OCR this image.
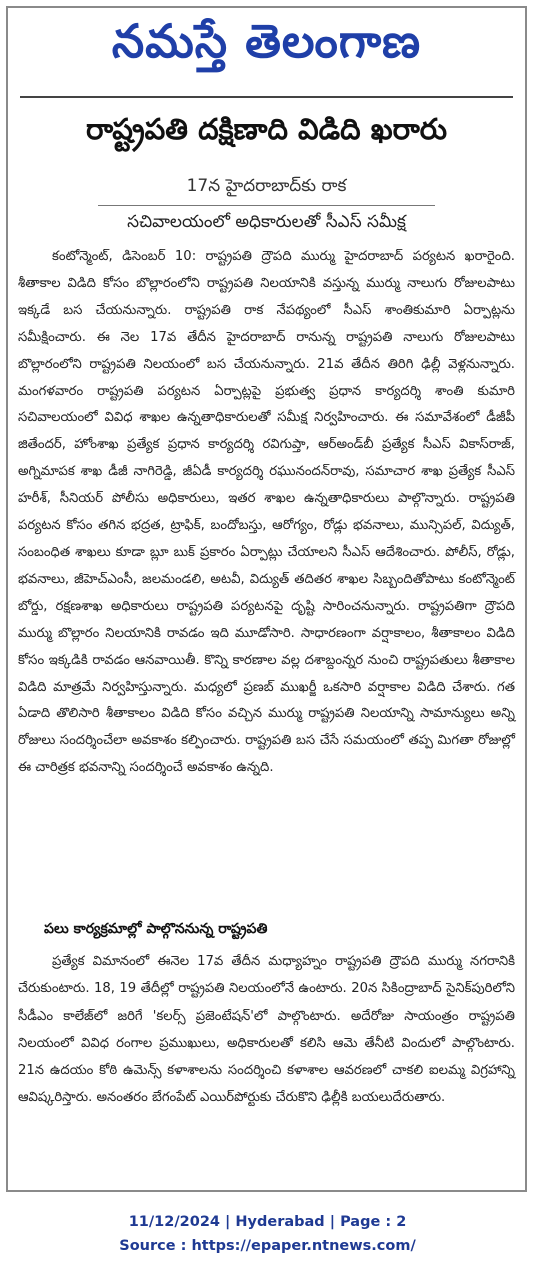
నమస్తే తెలంగాణ
రాష్ట్రపతి దక్షిణాది విడిది ఖరారు
17న హైదరాబాద్‌కు రాక
సచివాలయంలో అధికారులతో సీఎస్ సమీక్ష
కంటోన్మెంట్, డిసెంబర్ 10: రాష్ట్రపతి ద్రౌపది ముర్ము హైదరాబాద్ పర్యటన ఖరారైంది. శీతాకాల విడిది కోసం బొల్లారంలోని రాష్ట్రపతి నిలయానికి వస్తున్న ముర్ము నాలుగు రోజులపాటు ఇక్కడే బస చేయనున్నారు. రాష్ట్రపతి రాక నేపథ్యంలో సీఎస్ శాంతికుమారి ఏర్పాట్లను సమీక్షించారు. ఈ నెల 17వ తేదీన హైదరాబాద్ రానున్న రాష్ట్రపతి నాలుగు రోజులపాటు బొల్లారంలోని రాష్ట్రపతి నిలయంలో బస చేయనున్నారు. 21వ తేదీన తిరిగి ఢిల్లీ వెళ్లనున్నారు. మంగళవారం రాష్ట్రపతి పర్యటన ఏర్పాట్లపై ప్రభుత్వ ప్రధాన కార్యదర్శి శాంతి కుమారి సచివాలయంలో వివిధ శాఖల ఉన్నతాధికారులతో సమీక్ష నిర్వహించారు. ఈ సమావేశంలో డీజీపీ జితేందర్, హోంశాఖ ప్రత్యేక ప్రధాన కార్యదర్శి రవిగుప్తా, ఆర్అండ్‌బీ ప్రత్యేక సీఎస్ వికాస్‌రాజ్, అగ్నిమాపక శాఖ డీజీ నాగిరెడ్డి, జీఏడీ కార్యదర్శి రఘునందన్‌రావు, సమాచార శాఖ ప్రత్యేక సీఎస్ హరీశ్, సీనియర్ పోలీసు అధికారులు, ఇతర శాఖల ఉన్నతాధికారులు పాల్గొన్నారు. రాష్ట్రపతి పర్యటన కోసం తగిన భద్రత, ట్రాఫిక్, బందోబస్తు, ఆరోగ్యం, రోడ్లు భవనాలు, మున్సిపల్, విద్యుత్, సంబంధిత శాఖలు కూడా బ్లూ బుక్ ప్రకారం ఏర్పాట్లు చేయాలని సీఎస్ ఆదేశించారు. పోలీస్, రోడ్లు, భవనాలు, జీహెచ్ఎంసీ, జలమండలి, అటవీ, విద్యుత్ తదితర శాఖల సిబ్బందితోపాటు కంటోన్మెంట్ బోర్డు, రక్షణశాఖ అధికారులు రాష్ట్రపతి పర్యటనపై దృష్టి సారించనున్నారు. రాష్ట్రపతిగా ద్రౌపది ముర్ము బొల్లారం నిలయానికి రావడం ఇది మూడోసారి. సాధారణంగా వర్షాకాలం, శీతాకాలం విడిది కోసం ఇక్కడికి రావడం ఆనవాయితీ. కొన్ని కారణాల వల్ల దశాబ్దంన్నర నుంచి రాష్ట్రపతులు శీతాకాల విడిది మాత్రమే నిర్వహిస్తున్నారు. మధ్యలో ప్రణబ్ ముఖర్జీ ఒకసారి వర్షాకాల విడిది చేశారు. గత ఏడాది తొలిసారి శీతాకాలం విడిది కోసం వచ్చిన ముర్ము రాష్ట్రపతి నిలయాన్ని సామాన్యులు అన్ని రోజులు సందర్శించేలా అవకాశం కల్పించారు. రాష్ట్రపతి బస చేసే సమయంలో తప్ప మిగతా రోజుల్లో ఈ చారిత్రక భవనాన్ని సందర్శించే అవకాశం ఉన్నది.
పలు కార్యక్రమాల్లో పాల్గొననున్న రాష్ట్రపతి
ప్రత్యేక విమానంలో ఈనెల 17వ తేదీన మధ్యాహ్నం రాష్ట్రపతి ద్రౌపది ముర్ము నగరానికి చేరుకుంటారు. 18, 19 తేదీల్లో రాష్ట్రపతి నిలయంలోనే ఉంటారు. 20న సికింద్రాబాద్ సైనిక్‌పురిలోని సీడీఎం కాలేజ్‌లో జరిగే 'కలర్స్ ప్రజెంటేషన్'లో పాల్గొంటారు. అదేరోజు సాయంత్రం రాష్ట్రపతి నిలయంలో వివిధ రంగాల ప్రముఖులు, అధికారులతో కలిసి ఆమె తేనీటి విందులో పాల్గొంటారు. 21న ఉదయం కోఠి ఉమెన్స్ కళాశాలను సందర్శించి కళాశాల ఆవరణలో చాకలి ఐలమ్మ విగ్రహాన్ని ఆవిష్కరిస్తారు. అనంతరం బేగంపేట్ ఎయిర్‌పోర్టుకు చేరుకొని ఢిల్లీకి బయలుదేరుతారు.
11/12/2024 | Hyderabad | Page : 2
Source : https://epaper.ntnews.com/
